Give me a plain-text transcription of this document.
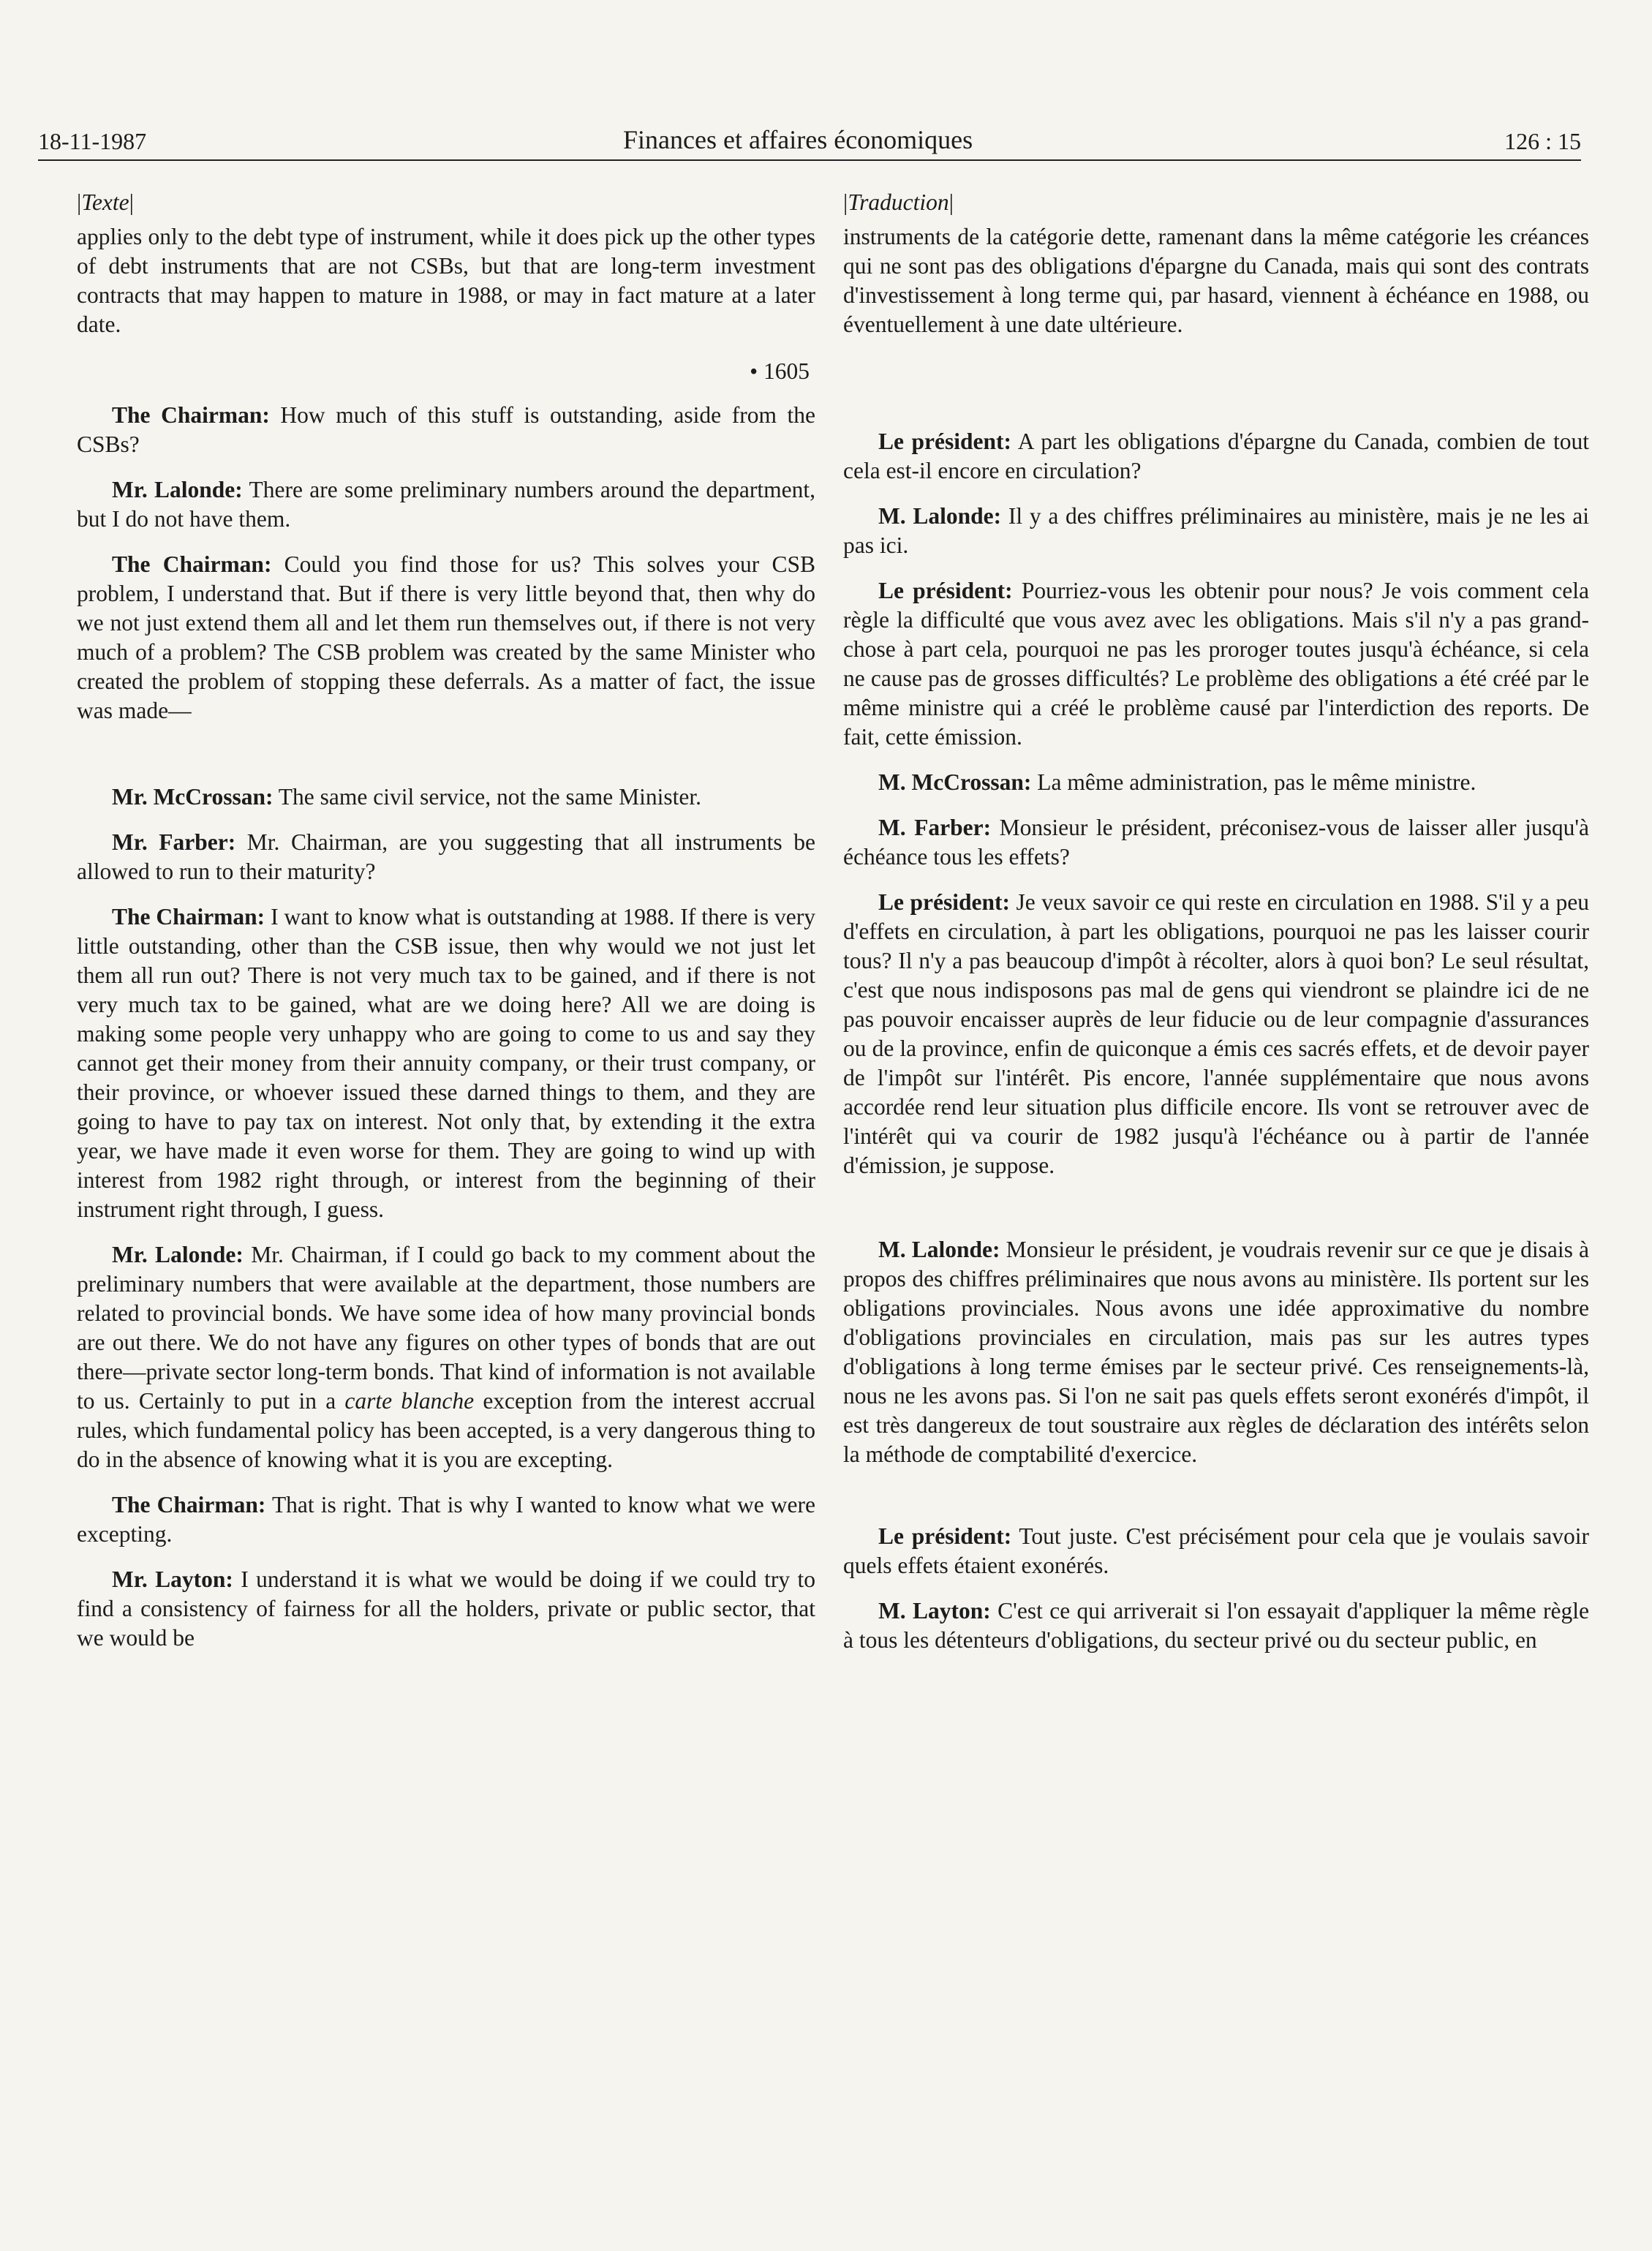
18-11-1987	Finances et affaires économiques	126 : 15
| Texte |

applies only to the debt type of instrument, while it does pick up the other types of debt instruments that are not CSBs, but that are long-term investment contracts that may happen to mature in 1988, or may in fact mature at a later date.

• 1605

The Chairman: How much of this stuff is outstanding, aside from the CSBs?

Mr. Lalonde: There are some preliminary numbers around the department, but I do not have them.

The Chairman: Could you find those for us? This solves your CSB problem, I understand that. But if there is very little beyond that, then why do we not just extend them all and let them run themselves out, if there is not very much of a problem? The CSB problem was created by the same Minister who created the problem of stopping these deferrals. As a matter of fact, the issue was made—

Mr. McCrossan: The same civil service, not the same Minister.

Mr. Farber: Mr. Chairman, are you suggesting that all instruments be allowed to run to their maturity?

The Chairman: I want to know what is outstanding at 1988. If there is very little outstanding, other than the CSB issue, then why would we not just let them all run out? There is not very much tax to be gained, and if there is not very much tax to be gained, what are we doing here? All we are doing is making some people very unhappy who are going to come to us and say they cannot get their money from their annuity company, or their trust company, or their province, or whoever issued these darned things to them, and they are going to have to pay tax on interest. Not only that, by extending it the extra year, we have made it even worse for them. They are going to wind up with interest from 1982 right through, or interest from the beginning of their instrument right through, I guess.

Mr. Lalonde: Mr. Chairman, if I could go back to my comment about the preliminary numbers that were available at the department, those numbers are related to provincial bonds. We have some idea of how many provincial bonds are out there. We do not have any figures on other types of bonds that are out there—private sector long-term bonds. That kind of information is not available to us. Certainly to put in a carte blanche exception from the interest accrual rules, which fundamental policy has been accepted, is a very dangerous thing to do in the absence of knowing what it is you are excepting.

The Chairman: That is right. That is why I wanted to know what we were excepting.

Mr. Layton: I understand it is what we would be doing if we could try to find a consistency of fairness for all the holders, private or public sector, that we would be

| Traduction |

instruments de la catégorie dette, ramenant dans la même catégorie les créances qui ne sont pas des obligations d'épargne du Canada, mais qui sont des contrats d'investissement à long terme qui, par hasard, viennent à échéance en 1988, ou éventuellement à une date ultérieure.

Le président: A part les obligations d'épargne du Canada, combien de tout cela est-il encore en circulation?

M. Lalonde: Il y a des chiffres préliminaires au ministère, mais je ne les ai pas ici.

Le président: Pourriez-vous les obtenir pour nous? Je vois comment cela règle la difficulté que vous avez avec les obligations. Mais s'il n'y a pas grand-chose à part cela, pourquoi ne pas les proroger toutes jusqu'à échéance, si cela ne cause pas de grosses difficultés? Le problème des obligations a été créé par le même ministre qui a créé le problème causé par l'interdiction des reports. De fait, cette émission.

M. McCrossan: La même administration, pas le même ministre.

M. Farber: Monsieur le président, préconisez-vous de laisser aller jusqu'à échéance tous les effets?

Le président: Je veux savoir ce qui reste en circulation en 1988. S'il y a peu d'effets en circulation, à part les obligations, pourquoi ne pas les laisser courir tous? Il n'y a pas beaucoup d'impôt à récolter, alors à quoi bon? Le seul résultat, c'est que nous indisposons pas mal de gens qui viendront se plaindre ici de ne pas pouvoir encaisser auprès de leur fiducie ou de leur compagnie d'assurances ou de la province, enfin de quiconque a émis ces sacrés effets, et de devoir payer de l'impôt sur l'intérêt. Pis encore, l'année supplémentaire que nous avons accordée rend leur situation plus difficile encore. Ils vont se retrouver avec de l'intérêt qui va courir de 1982 jusqu'à l'échéance ou à partir de l'année d'émission, je suppose.

M. Lalonde: Monsieur le président, je voudrais revenir sur ce que je disais à propos des chiffres préliminaires que nous avons au ministère. Ils portent sur les obligations provinciales. Nous avons une idée approximative du nombre d'obligations provinciales en circulation, mais pas sur les autres types d'obligations à long terme émises par le secteur privé. Ces renseignements-là, nous ne les avons pas. Si l'on ne sait pas quels effets seront exonérés d'impôt, il est très dangereux de tout soustraire aux règles de déclaration des intérêts selon la méthode de comptabilité d'exercice.

Le président: Tout juste. C'est précisément pour cela que je voulais savoir quels effets étaient exonérés.

M. Layton: C'est ce qui arriverait si l'on essayait d'appliquer la même règle à tous les détenteurs d'obligations, du secteur privé ou du secteur public, en
